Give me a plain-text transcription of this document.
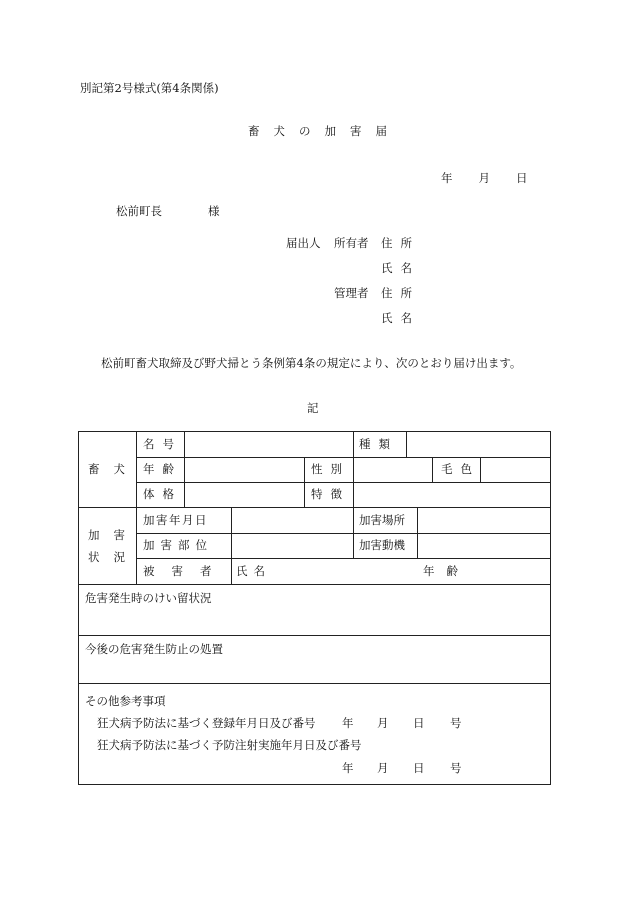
別記第2号様式(第4条関係)
畜犬の加害届
年 月 日
松前町長	様
届出人 所有者 住所
氏名
管理者 住所
氏名
松前町畜犬取締及び野犬掃とう条例第4条の規定により、次のとおり届け出ます。
記
畜犬
名号	種類
年齢	性別	毛色
体格	特徴
加害
状況
加害年月日	加害場所
加害部位	加害動機
被害者 氏名	年齢
危害発生時のけい留状況
今後の危害発生防止の処置
その他参考事項
狂犬病予防法に基づく登録年月日及び番号 年 月 日 号
狂犬病予防法に基づく予防注射実施年月日及び番号
年 月 日 号
